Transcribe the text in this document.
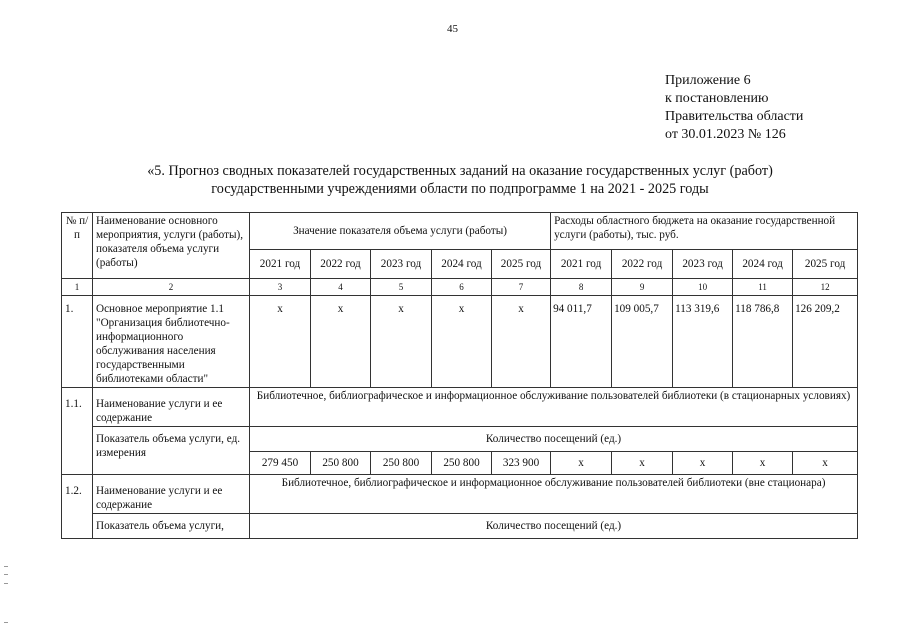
45
Приложение 6
к постановлению
Правительства области
от 30.01.2023 № 126
«5. Прогноз сводных показателей государственных заданий на оказание государственных услуг (работ)
государственными учреждениями области по подпрограмме 1 на 2021 - 2025 годы
№ п/п	Наименование основного мероприятия, услуги (работы), показателя объема услуги (работы)	Значение показателя объема услуги (работы)					Расходы областного бюджета на оказание государственной услуги (работы), тыс. руб.				
		2021 год	2022 год	2023 год	2024 год	2025 год	2021 год	2022 год	2023 год	2024 год	2025 год
1	2	3	4	5	6	7	8	9	10	11	12
1.	Основное мероприятие 1.1 "Организация библиотечно-информационного обслуживания населения государственными библиотеками области"	х	х	х	х	х	94 011,7	109 005,7	113 319,6	118 786,8	126 209,2
1.1.	Наименование услуги и ее содержание	Библиотечное, библиографическое и информационное обслуживание пользователей библиотеки (в стационарных условиях)									
	Показатель объема услуги, ед. измерения	Количество посещений (ед.)									
		279 450	250 800	250 800	250 800	323 900	х	х	х	х	х
1.2.	Наименование услуги и ее содержание	Библиотечное, библиографическое и информационное обслуживание пользователей библиотеки (вне стационара)									
	Показатель объема услуги,	Количество посещений (ед.)									
